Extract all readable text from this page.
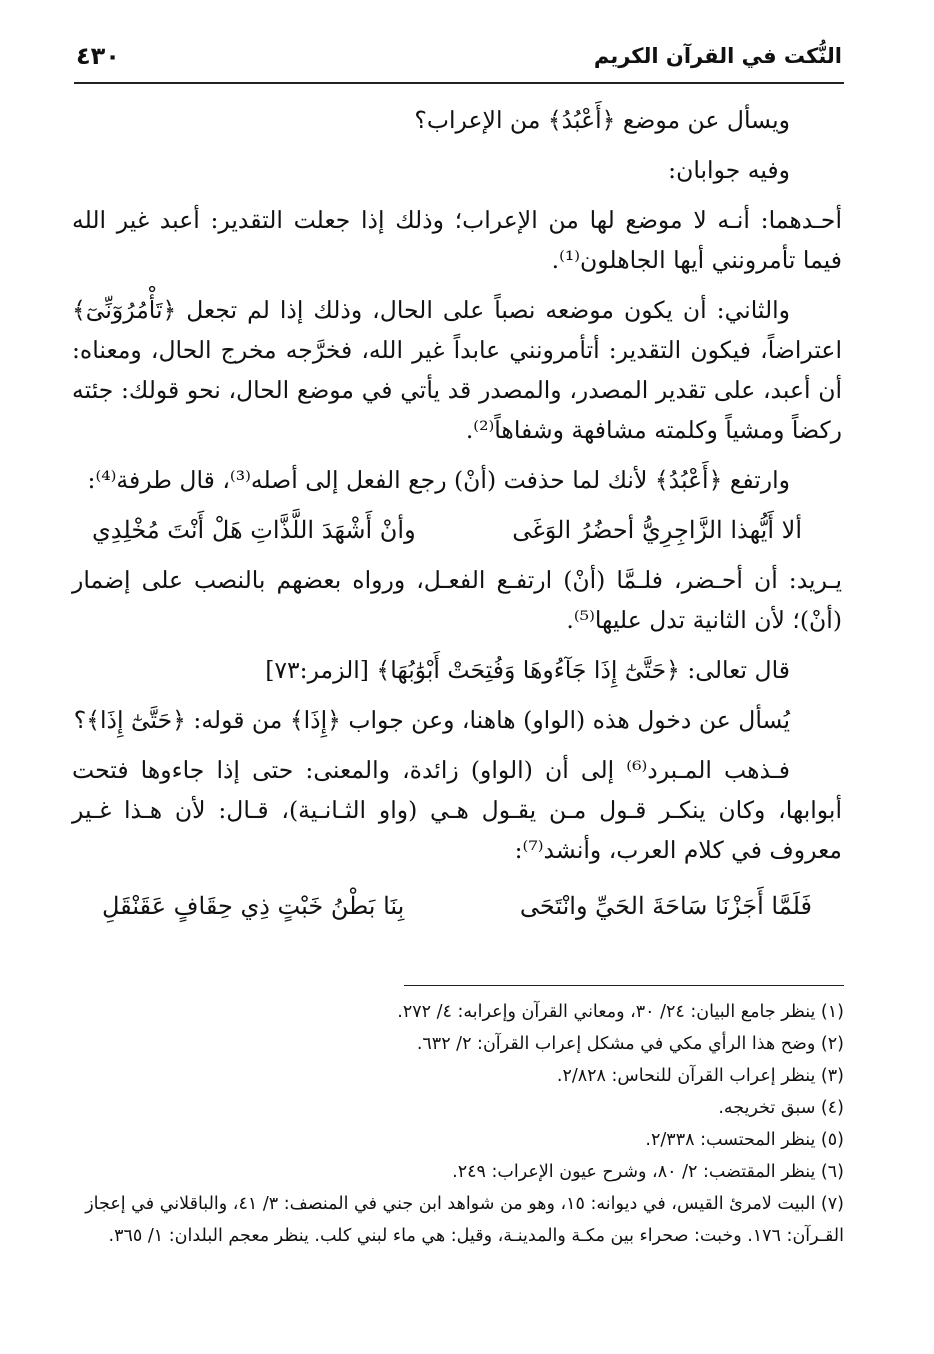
النُّكت في القرآن الكريم
٤٣٠

ويسأل عن موضع ﴿أَعْبُدُ﴾ من الإعراب؟

وفيه جوابان:

أحـدهما: أنـه لا موضع لها من الإعراب؛ وذلك إذا جعلت التقدير: أعبد غير الله فيما تأمرونني أيها الجاهلون⁽¹⁾.

والثاني: أن يكون موضعه نصباً على الحال، وذلك إذا لم تجعل ﴿تَأْمُرُوٓنِّىٓ﴾ اعتراضاً، فيكون التقدير: أتأمرونني عابداً غير الله، فخرَّجه مخرج الحال، ومعناه: أن أعبد، على تقدير المصدر، والمصدر قد يأتي في موضع الحال، نحو قولك: جئته ركضاً ومشياً وكلمته مشافهة وشفاهاً⁽²⁾.

وارتفع ﴿أَعْبُدُ﴾ لأنك لما حذفت (أنْ) رجع الفعل إلى أصله⁽³⁾، قال طرفة⁽⁴⁾:

ألا أَيُّهذا الزَّاجِرِيُّ أحضُرُ الوَغَى
وأنْ أَشْهَدَ اللَّذَّاتِ هَلْ أَنْتَ مُخْلِدِي

يـريد: أن أحـضر، فلـمَّا (أنْ) ارتفـع الفعـل، ورواه بعضهم بالنصب على إضمار (أنْ)؛ لأن الثانية تدل عليها⁽⁵⁾.

قال تعالى: ﴿حَتَّىٰٓ إِذَا جَآءُوهَا وَفُتِحَتْ أَبْوَٰبُهَا﴾ [الزمر:٧٣]

يُسأل عن دخول هذه (الواو) هاهنا، وعن جواب ﴿إِذَا﴾ من قوله: ﴿حَتَّىٰٓ إِذَا﴾؟

فـذهب المـبرد⁽⁶⁾ إلى أن (الواو) زائدة، والمعنى: حتى إذا جاءوها فتحت أبوابها، وكان ينكـر قـول مـن يقـول هـي (واو الثـانـية)، قـال: لأن هـذا غـير معروف في كلام العرب، وأنشد⁽⁷⁾:

فَلَمَّا أَجَزْنَا سَاحَةَ الحَيِّ وانْتَحَى
بِنَا بَطْنُ خَبْتٍ ذِي حِقَافٍ عَقَنْقَلِ

(١) ينظر جامع البيان: ٢٤/ ٣٠، ومعاني القرآن وإعرابه: ٤/ ٢٧٢.

(٢) وضح هذا الرأي مكي في مشكل إعراب القرآن: ٢/ ٦٣٢.

(٣) ينظر إعراب القرآن للنحاس: ٢/٨٢٨.

(٤) سبق تخريجه.

(٥) ينظر المحتسب: ٢/٣٣٨.

(٦) ينظر المقتضب: ٢/ ٨٠، وشرح عيون الإعراب: ٢٤٩.

(٧) البيت لامرئ القيس، في ديوانه: ١٥، وهو من شواهد ابن جني في المنصف: ٣/ ٤١، والباقلاني في إعجاز القـرآن: ١٧٦. وخبت: صحراء بين مكـة والمدينـة، وقيل: هي ماء لبني كلب. ينظر معجم البلدان: ١/ ٣٦٥.
